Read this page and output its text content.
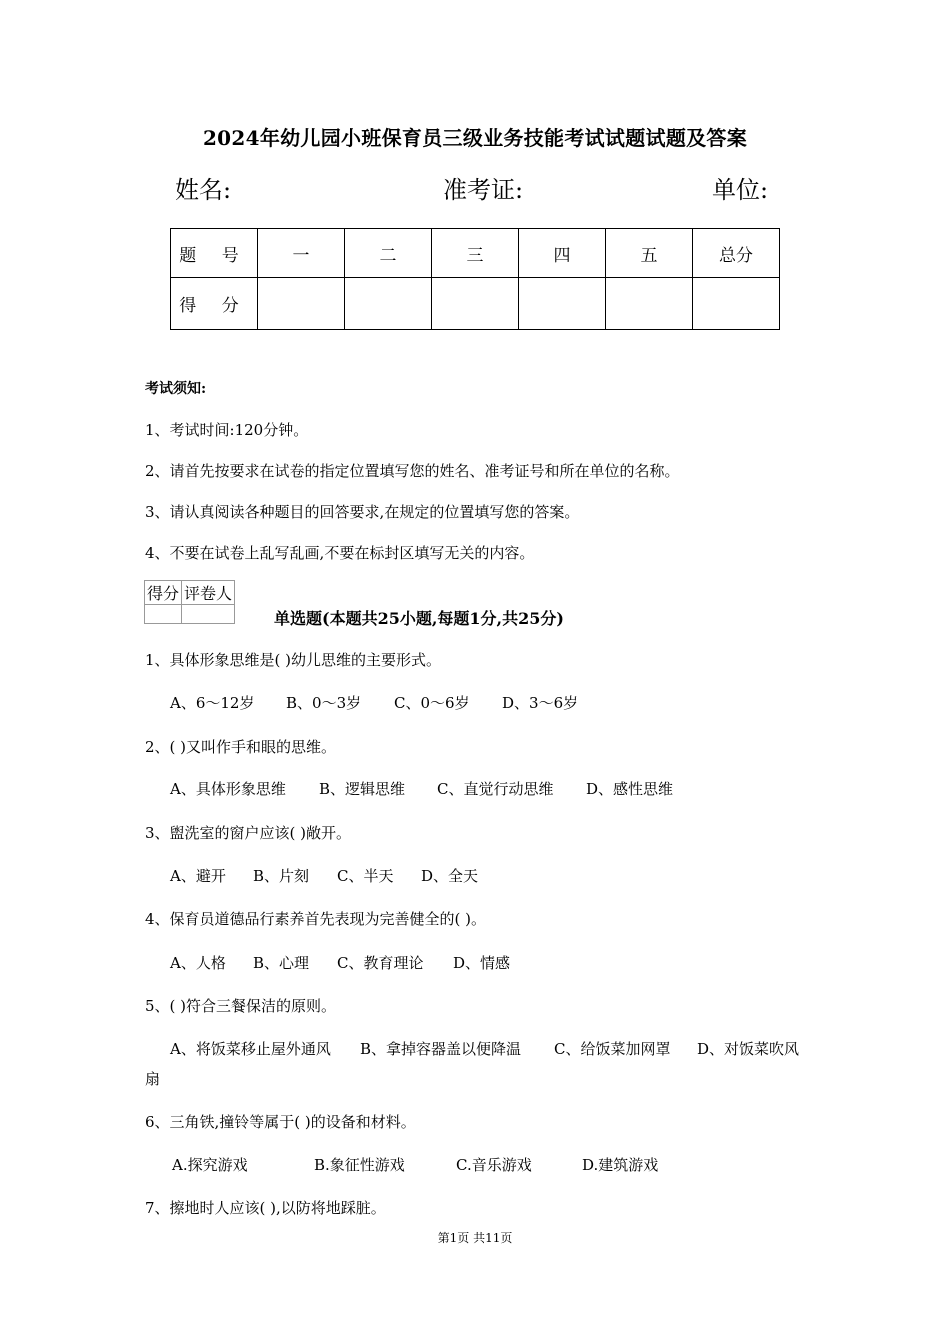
2024年幼儿园小班保育员三级业务技能考试试题试题及答案
姓名:	准考证:	单位:
题 号	一	二	三	四	五	总分
得 分						
考试须知:
1、考试时间:120分钟。
2、请首先按要求在试卷的指定位置填写您的姓名、准考证号和所在单位的名称。
3、请认真阅读各种题目的回答要求,在规定的位置填写您的答案。
4、不要在试卷上乱写乱画,不要在标封区填写无关的内容。
得分	评卷人

单选题(本题共25小题,每题1分,共25分)
1、具体形象思维是( )幼儿思维的主要形式。
A、6～12岁 B、0～3岁 C、0～6岁 D、3～6岁
2、( )又叫作手和眼的思维。
A、具体形象思维 B、逻辑思维 C、直觉行动思维 D、感性思维
3、盥洗室的窗户应该( )敞开。
A、避开 B、片刻 C、半天 D、全天
4、保育员道德品行素养首先表现为完善健全的( )。
A、人格 B、心理 C、教育理论 D、情感
5、( )符合三餐保洁的原则。
A、将饭菜移止屋外通风 B、拿掉容器盖以便降温 C、给饭菜加网罩 D、对饭菜吹风
扇
6、三角铁,撞铃等属于( )的设备和材料。
A.探究游戏	B.象征性游戏	C.音乐游戏	D.建筑游戏
7、擦地时人应该( ),以防将地踩脏。
第1页 共11页
